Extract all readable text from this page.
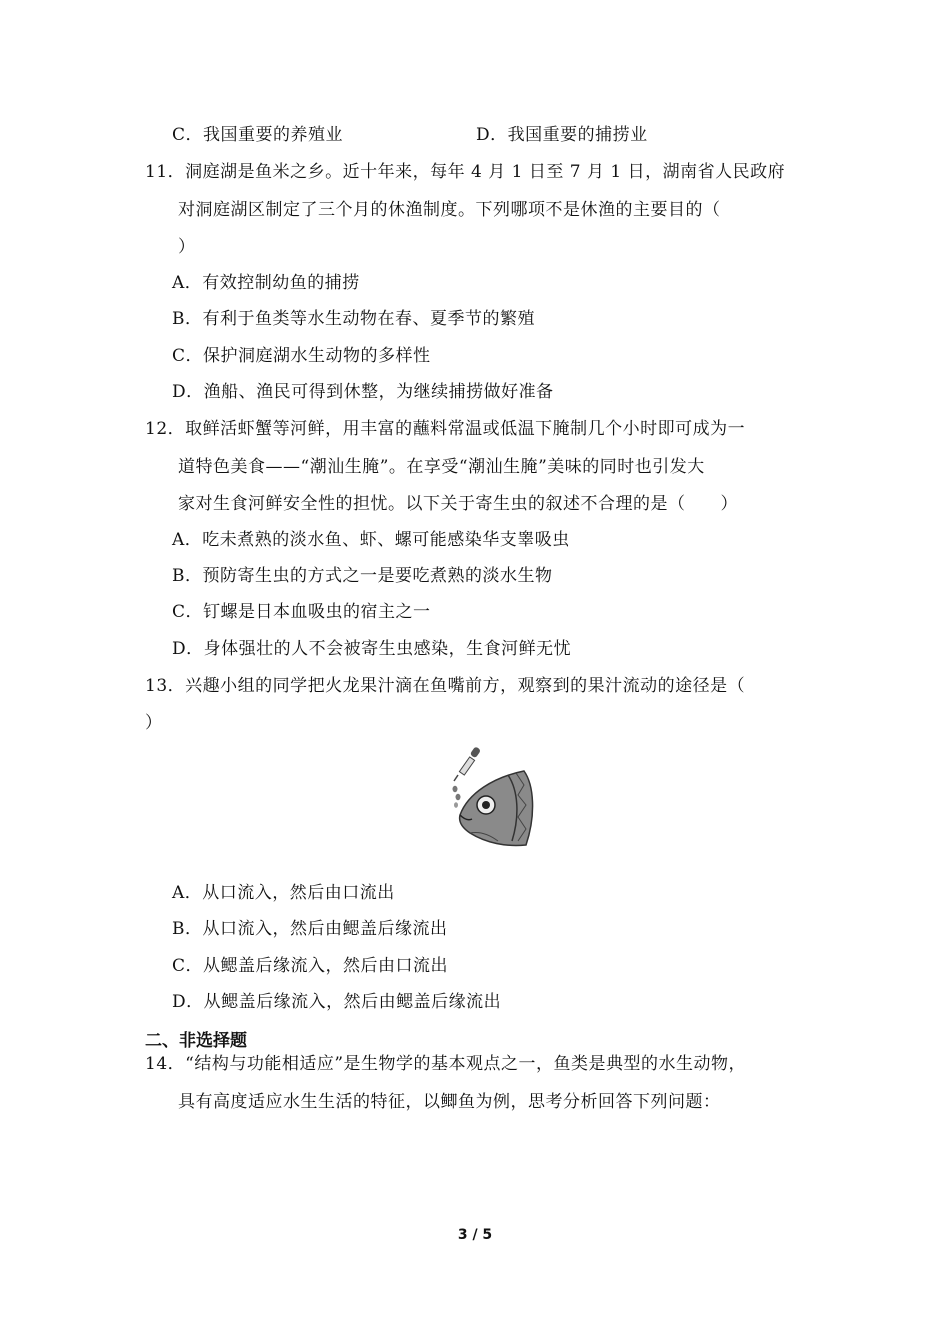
C．我国重要的养殖业	D．我国重要的捕捞业
11．洞庭湖是鱼米之乡。近十年来，每年 4 月 1 日至 7 月 1 日，湖南省人民政府
对洞庭湖区制定了三个月的休渔制度。下列哪项不是休渔的主要目的（
）
A．有效控制幼鱼的捕捞
B．有利于鱼类等水生动物在春、夏季节的繁殖
C．保护洞庭湖水生动物的多样性
D．渔船、渔民可得到休整，为继续捕捞做好准备
12．取鲜活虾蟹等河鲜，用丰富的蘸料常温或低温下腌制几个小时即可成为一
道特色美食——“潮汕生腌”。在享受“潮汕生腌”美味的同时也引发大
家对生食河鲜安全性的担忧。以下关于寄生虫的叙述不合理的是（　　）
A．吃未煮熟的淡水鱼、虾、螺可能感染华支睾吸虫
B．预防寄生虫的方式之一是要吃煮熟的淡水生物
C．钉螺是日本血吸虫的宿主之一
D．身体强壮的人不会被寄生虫感染，生食河鲜无忧
13．兴趣小组的同学把火龙果汁滴在鱼嘴前方，观察到的果汁流动的途径是（
）
A．从口流入，然后由口流出
B．从口流入，然后由鳃盖后缘流出
C．从鳃盖后缘流入，然后由口流出
D．从鳃盖后缘流入，然后由鳃盖后缘流出
二、非选择题
14．“结构与功能相适应”是生物学的基本观点之一，鱼类是典型的水生动物，
具有高度适应水生生活的特征，以鲫鱼为例，思考分析回答下列问题：
3 / 5
